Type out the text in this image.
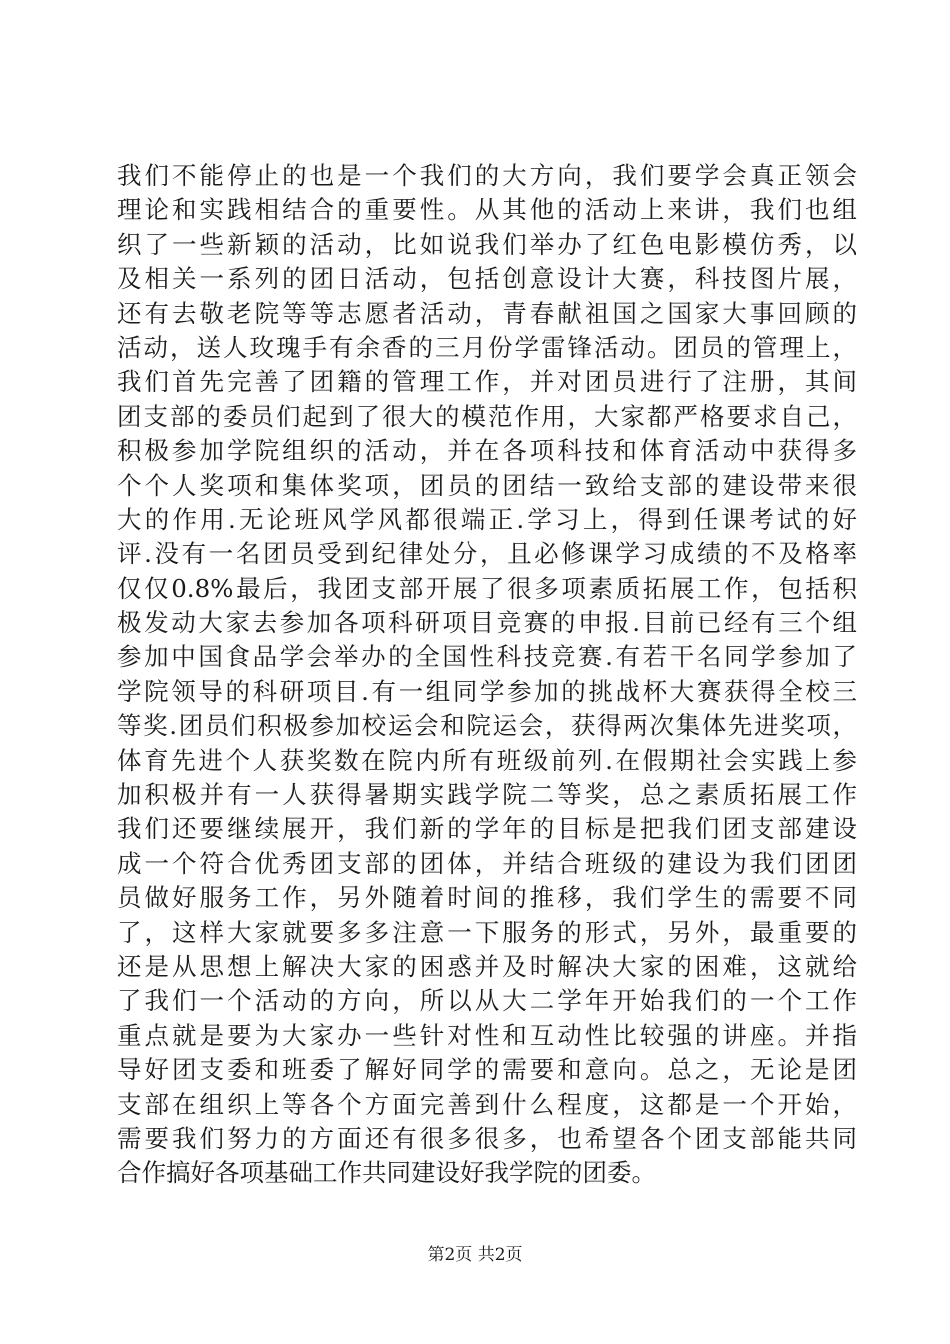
我们不能停止的也是一个我们的大方向，我们要学会真正领会
理论和实践相结合的重要性。从其他的活动上来讲，我们也组
织了一些新颖的活动，比如说我们举办了红色电影模仿秀，以
及相关一系列的团日活动，包括创意设计大赛，科技图片展，
还有去敬老院等等志愿者活动，青春献祖国之国家大事回顾的
活动，送人玫瑰手有余香的三月份学雷锋活动。团员的管理上，
我们首先完善了团籍的管理工作，并对团员进行了注册，其间
团支部的委员们起到了很大的模范作用，大家都严格要求自己，
积极参加学院组织的活动，并在各项科技和体育活动中获得多
个个人奖项和集体奖项，团员的团结一致给支部的建设带来很
大的作用.无论班风学风都很端正.学习上，得到任课考试的好
评.没有一名团员受到纪律处分，且必修课学习成绩的不及格率
仅仅0.8%最后，我团支部开展了很多项素质拓展工作，包括积
极发动大家去参加各项科研项目竞赛的申报.目前已经有三个组
参加中国食品学会举办的全国性科技竞赛.有若干名同学参加了
学院领导的科研项目.有一组同学参加的挑战杯大赛获得全校三
等奖.团员们积极参加校运会和院运会，获得两次集体先进奖项，
体育先进个人获奖数在院内所有班级前列.在假期社会实践上参
加积极并有一人获得暑期实践学院二等奖，总之素质拓展工作
我们还要继续展开，我们新的学年的目标是把我们团支部建设
成一个符合优秀团支部的团体，并结合班级的建设为我们团团
员做好服务工作，另外随着时间的推移，我们学生的需要不同
了，这样大家就要多多注意一下服务的形式，另外，最重要的
还是从思想上解决大家的困惑并及时解决大家的困难，这就给
了我们一个活动的方向，所以从大二学年开始我们的一个工作
重点就是要为大家办一些针对性和互动性比较强的讲座。并指
导好团支委和班委了解好同学的需要和意向。总之，无论是团
支部在组织上等各个方面完善到什么程度，这都是一个开始，
需要我们努力的方面还有很多很多，也希望各个团支部能共同
合作搞好各项基础工作共同建设好我学院的团委。
第2页 共2页
